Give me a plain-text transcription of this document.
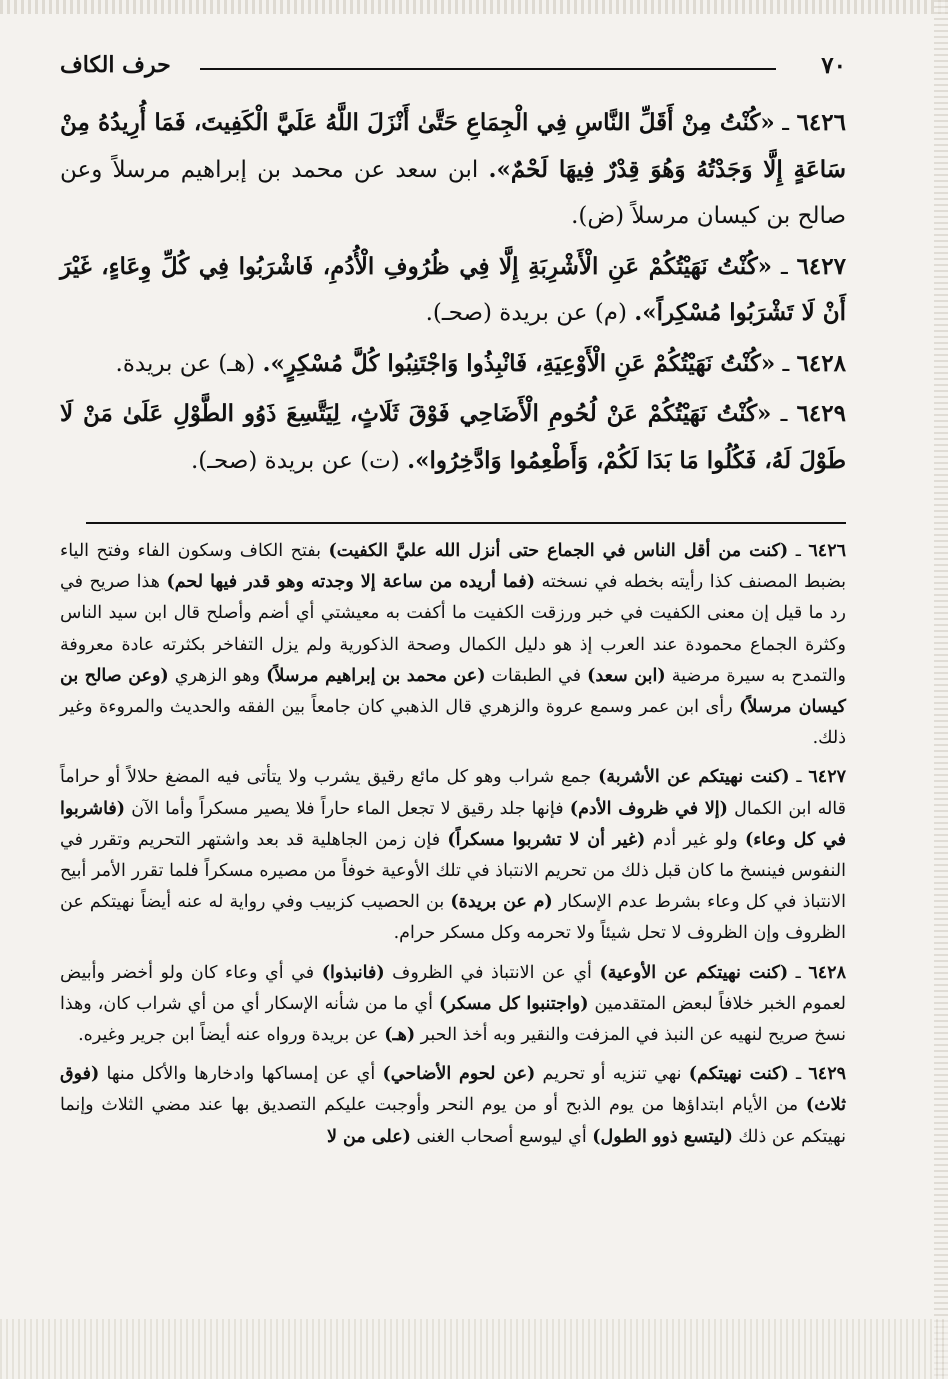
٧٠
حرف الكاف

٦٤٢٦ ـ «كُنْتُ مِنْ أَقَلِّ النَّاسِ فِي الْجِمَاعِ حَتَّىٰ أَنْزَلَ اللَّهُ عَلَيَّ الْكَفِيتَ، فَمَا أُرِيدُهُ مِنْ سَاعَةٍ إِلَّا وَجَدْتُهُ وَهُوَ قِدْرٌ فِيهَا لَحْمٌ». ابن سعد عن محمد بن إبراهيم مرسلاً وعن صالح بن كيسان مرسلاً (ض).

٦٤٢٧ ـ «كُنْتُ نَهَيْتُكُمْ عَنِ الْأَشْرِبَةِ إِلَّا فِي ظُرُوفِ الْأُدُمِ، فَاشْرَبُوا فِي كُلِّ وِعَاءٍ، غَيْرَ أَنْ لَا تَشْرَبُوا مُسْكِراً». (م) عن بريدة (صحـ).

٦٤٢٨ ـ «كُنْتُ نَهَيْتُكُمْ عَنِ الْأَوْعِيَةِ، فَانْبِذُوا وَاجْتَنِبُوا كُلَّ مُسْكِرٍ». (هـ) عن بريدة.

٦٤٢٩ ـ «كُنْتُ نَهَيْتُكُمْ عَنْ لُحُومِ الْأَضَاحِي فَوْقَ ثَلَاثٍ، لِيَتَّسِعَ ذَوُو الطَّوْلِ عَلَىٰ مَنْ لَا طَوْلَ لَهُ، فَكُلُوا مَا بَدَا لَكُمْ، وَأَطْعِمُوا وَادَّخِرُوا». (ت) عن بريدة (صحـ).

٦٤٢٦ ـ (كنت من أقل الناس في الجماع حتى أنزل الله عليَّ الكفيت) بفتح الكاف وسكون الفاء وفتح الياء بضبط المصنف كذا رأيته بخطه في نسخته (فما أريده من ساعة إلا وجدته وهو قدر فيها لحم) هذا صريح في رد ما قيل إن معنى الكفيت في خبر ورزقت الكفيت ما أكفت به معيشتي أي أضم وأصلح قال ابن سيد الناس وكثرة الجماع محمودة عند العرب إذ هو دليل الكمال وصحة الذكورية ولم يزل التفاخر بكثرته عادة معروفة والتمدح به سيرة مرضية (ابن سعد) في الطبقات (عن محمد بن إبراهيم مرسلاً) وهو الزهري (وعن صالح بن كيسان مرسلاً) رأى ابن عمر وسمع عروة والزهري قال الذهبي كان جامعاً بين الفقه والحديث والمروءة وغير ذلك.

٦٤٢٧ ـ (كنت نهيتكم عن الأشربة) جمع شراب وهو كل مائع رقيق يشرب ولا يتأتى فيه المضغ حلالاً أو حراماً قاله ابن الكمال (إلا في ظروف الأدم) فإنها جلد رقيق لا تجعل الماء حاراً فلا يصير مسكراً وأما الآن (فاشربوا في كل وعاء) ولو غير أدم (غير أن لا تشربوا مسكراً) فإن زمن الجاهلية قد بعد واشتهر التحريم وتقرر في النفوس فينسخ ما كان قبل ذلك من تحريم الانتباذ في تلك الأوعية خوفاً من مصيره مسكراً فلما تقرر الأمر أبيح الانتباذ في كل وعاء بشرط عدم الإسكار (م عن بريدة) بن الحصيب كزبيب وفي رواية له عنه أيضاً نهيتكم عن الظروف وإن الظروف لا تحل شيئاً ولا تحرمه وكل مسكر حرام.

٦٤٢٨ ـ (كنت نهيتكم عن الأوعية) أي عن الانتباذ في الظروف (فانبذوا) في أي وعاء كان ولو أخضر وأبيض لعموم الخبر خلافاً لبعض المتقدمين (واجتنبوا كل مسكر) أي ما من شأنه الإسكار أي من أي شراب كان، وهذا نسخ صريح لنهيه عن النبذ في المزفت والنقير وبه أخذ الحبر (هـ) عن بريدة ورواه عنه أيضاً ابن جرير وغيره.

٦٤٢٩ ـ (كنت نهيتكم) نهي تنزيه أو تحريم (عن لحوم الأضاحي) أي عن إمساكها وادخارها والأكل منها (فوق ثلاث) من الأيام ابتداؤها من يوم الذبح أو من يوم النحر وأوجبت عليكم التصديق بها عند مضي الثلاث وإنما نهيتكم عن ذلك (ليتسع ذوو الطول) أي ليوسع أصحاب الغنى (على من لا
